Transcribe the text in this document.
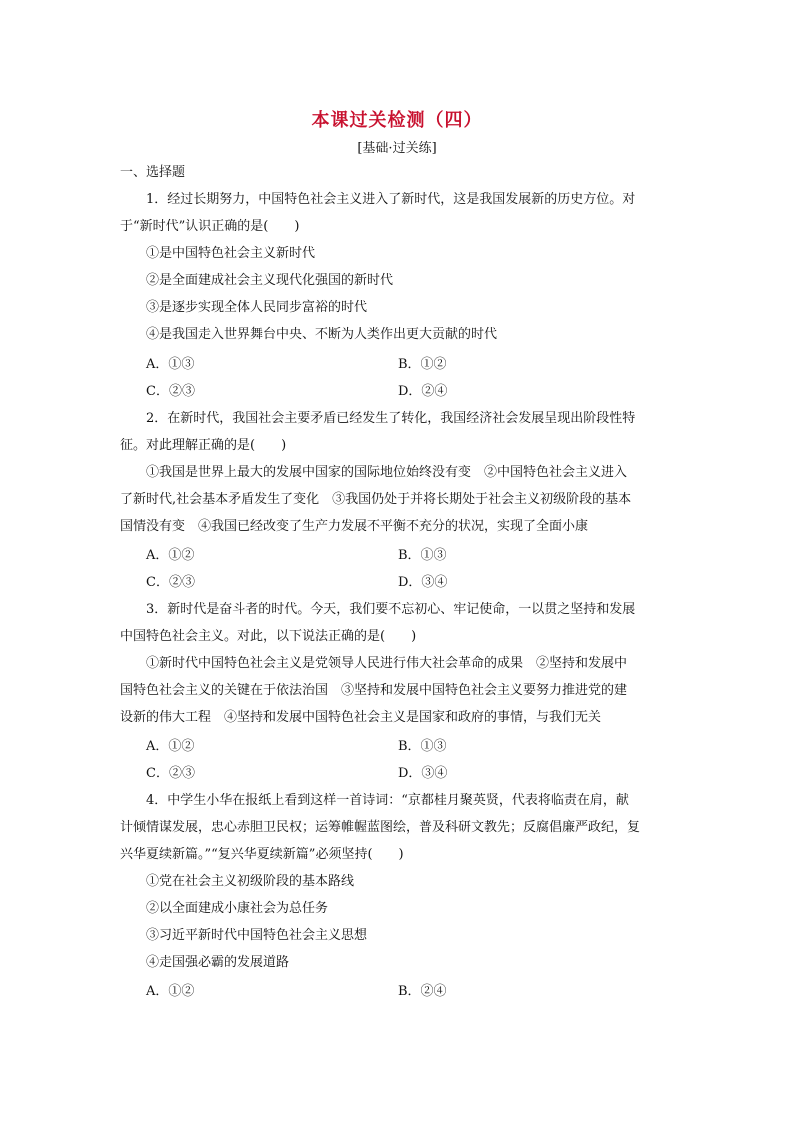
本课过关检测（四）
[基础·过关练]
一、选择题
1．经过长期努力，中国特色社会主义进入了新时代，这是我国发展新的历史方位。对
于“新时代”认识正确的是(　　)
①是中国特色社会主义新时代
②是全面建成社会主义现代化强国的新时代
③是逐步实现全体人民同步富裕的时代
④是我国走入世界舞台中央、不断为人类作出更大贡献的时代
A．①③	B．①②
C．②③	D．②④
2．在新时代，我国社会主要矛盾已经发生了转化，我国经济社会发展呈现出阶段性特
征。对此理解正确的是(　　)
①我国是世界上最大的发展中国家的国际地位始终没有变　②中国特色社会主义进入
了新时代,社会基本矛盾发生了变化　③我国仍处于并将长期处于社会主义初级阶段的基本
国情没有变　④我国已经改变了生产力发展不平衡不充分的状况，实现了全面小康
A．①②	B．①③
C．②③	D．③④
3．新时代是奋斗者的时代。今天，我们要不忘初心、牢记使命，一以贯之坚持和发展
中国特色社会主义。对此，以下说法正确的是(　　)
①新时代中国特色社会主义是党领导人民进行伟大社会革命的成果　②坚持和发展中
国特色社会主义的关键在于依法治国　③坚持和发展中国特色社会主义要努力推进党的建
设新的伟大工程　④坚持和发展中国特色社会主义是国家和政府的事情，与我们无关
A．①②	B．①③
C．②③	D．③④
4．中学生小华在报纸上看到这样一首诗词：“京都桂月聚英贤，代表将临责在肩，献
计倾情谋发展，忠心赤胆卫民权；运筹帷幄蓝图绘，普及科研文教先；反腐倡廉严政纪，复
兴华夏续新篇。”“复兴华夏续新篇”必须坚持(　　)
①党在社会主义初级阶段的基本路线
②以全面建成小康社会为总任务
③习近平新时代中国特色社会主义思想
④走国强必霸的发展道路
A．①②	B．②④
